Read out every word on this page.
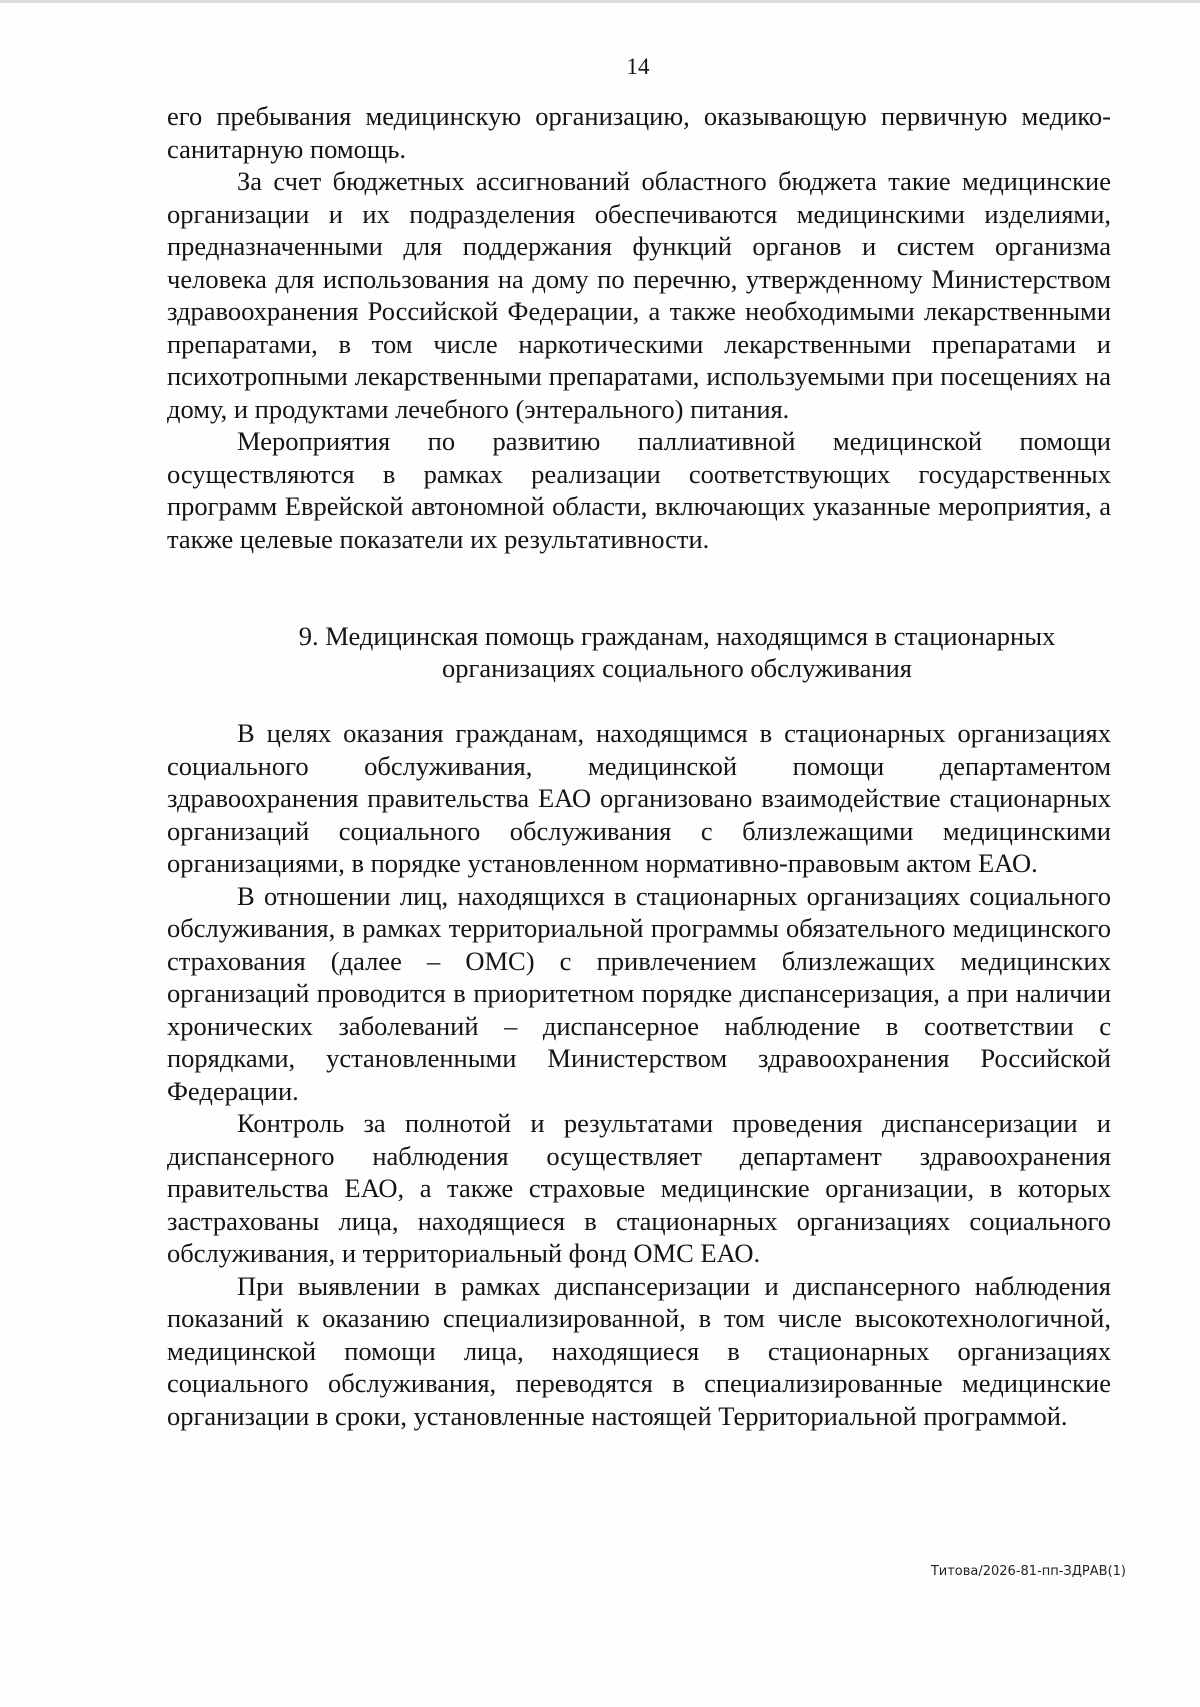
14

его пребывания медицинскую организацию, оказывающую первичную медико-санитарную помощь.

За счет бюджетных ассигнований областного бюджета такие медицинские организации и их подразделения обеспечиваются медицинскими изделиями, предназначенными для поддержания функций органов и систем организма человека для использования на дому по перечню, утвержденному Министерством здравоохранения Российской Федерации, а также необходимыми лекарственными препаратами, в том числе наркотическими лекарственными препаратами и психотропными лекарственными препаратами, используемыми при посещениях на дому, и продуктами лечебного (энтерального) питания.

Мероприятия по развитию паллиативной медицинской помощи осуществляются в рамках реализации соответствующих государственных программ Еврейской автономной области, включающих указанные мероприятия, а также целевые показатели их результативности.

9. Медицинская помощь гражданам, находящимся в стационарных
организациях социального обслуживания

В целях оказания гражданам, находящимся в стационарных организациях социального обслуживания, медицинской помощи департаментом здравоохранения правительства ЕАО организовано взаимодействие стационарных организаций социального обслуживания с близлежащими медицинскими организациями, в порядке установленном нормативно-правовым актом ЕАО.

В отношении лиц, находящихся в стационарных организациях социального обслуживания, в рамках территориальной программы обязательного медицинского страхования (далее – ОМС) с привлечением близлежащих медицинских организаций проводится в приоритетном порядке диспансеризация, а при наличии хронических заболеваний – диспансерное наблюдение в соответствии с порядками, установленными Министерством здравоохранения Российской Федерации.

Контроль за полнотой и результатами проведения диспансеризации и диспансерного наблюдения осуществляет департамент здравоохранения правительства ЕАО, а также страховые медицинские организации, в которых застрахованы лица, находящиеся в стационарных организациях социального обслуживания, и территориальный фонд ОМС ЕАО.

При выявлении в рамках диспансеризации и диспансерного наблюдения показаний к оказанию специализированной, в том числе высокотехнологичной, медицинской помощи лица, находящиеся в стационарных организациях социального обслуживания, переводятся в специализированные медицинские организации в сроки, установленные настоящей Территориальной программой.

Титова/2026-81-пп-ЗДРАВ(1)
